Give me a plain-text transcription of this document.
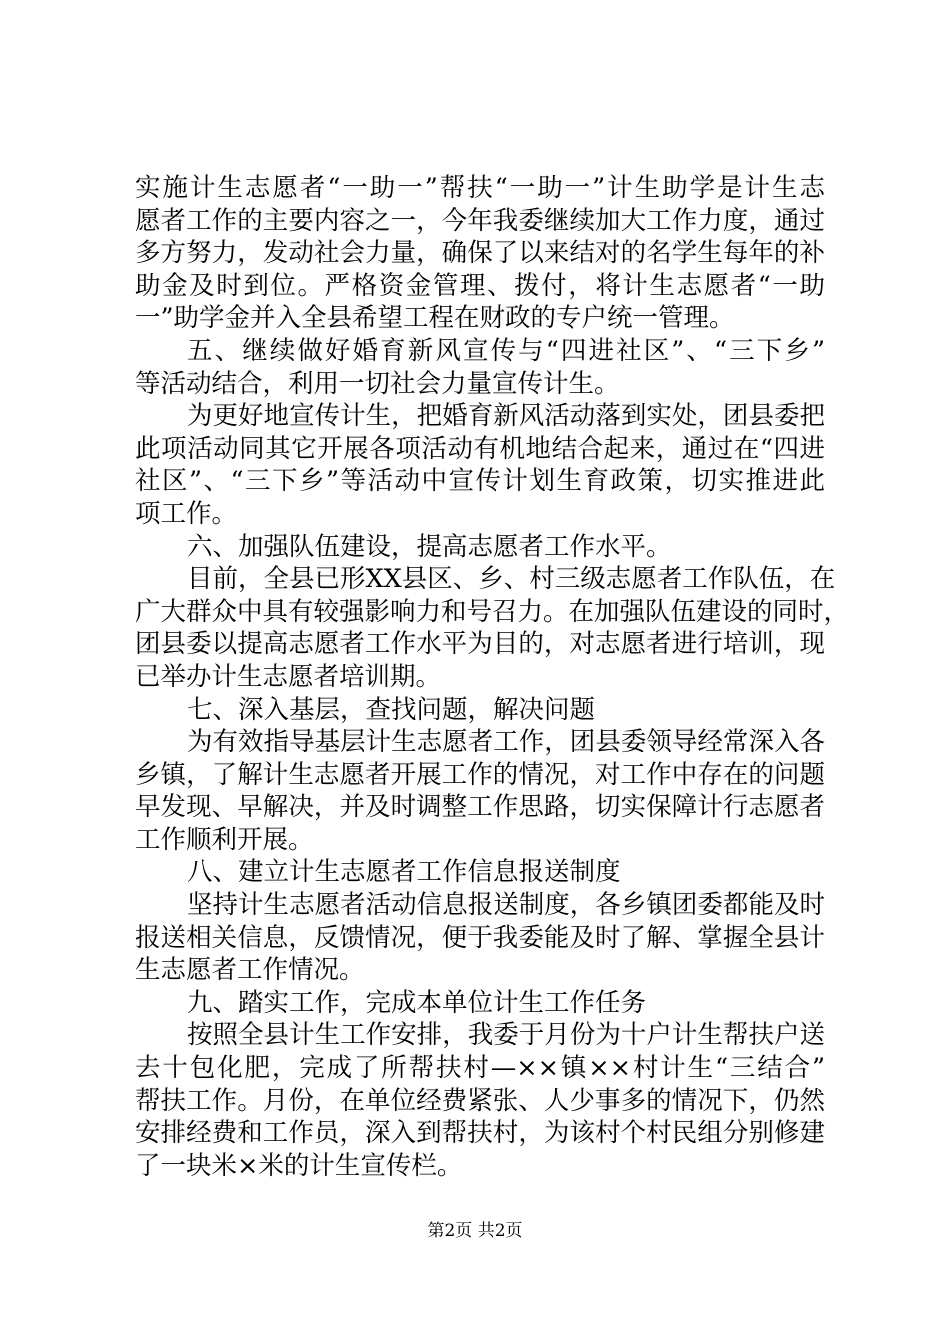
实施计生志愿者“一助一”帮扶“一助一”计生助学是计生志
愿者工作的主要内容之一，今年我委继续加大工作力度，通过
多方努力，发动社会力量，确保了以来结对的名学生每年的补
助金及时到位。严格资金管理、拨付，将计生志愿者“一助
一”助学金并入全县希望工程在财政的专户统一管理。
五、继续做好婚育新风宣传与“四进社区”、“三下乡”
等活动结合，利用一切社会力量宣传计生。
为更好地宣传计生，把婚育新风活动落到实处，团县委把
此项活动同其它开展各项活动有机地结合起来，通过在“四进
社区”、“三下乡”等活动中宣传计划生育政策，切实推进此
项工作。
六、加强队伍建设，提高志愿者工作水平。
目前，全县已形XX县区、乡、村三级志愿者工作队伍，在
广大群众中具有较强影响力和号召力。在加强队伍建设的同时，
团县委以提高志愿者工作水平为目的，对志愿者进行培训，现
已举办计生志愿者培训期。
七、深入基层，查找问题，解决问题
为有效指导基层计生志愿者工作，团县委领导经常深入各
乡镇，了解计生志愿者开展工作的情况，对工作中存在的问题
早发现、早解决，并及时调整工作思路，切实保障计行志愿者
工作顺利开展。
八、建立计生志愿者工作信息报送制度
坚持计生志愿者活动信息报送制度，各乡镇团委都能及时
报送相关信息，反馈情况，便于我委能及时了解、掌握全县计
生志愿者工作情况。
九、踏实工作，完成本单位计生工作任务
按照全县计生工作安排，我委于月份为十户计生帮扶户送
去十包化肥，完成了所帮扶村—××镇××村计生“三结合”
帮扶工作。月份，在单位经费紧张、人少事多的情况下，仍然
安排经费和工作员，深入到帮扶村，为该村个村民组分别修建
了一块米×米的计生宣传栏。
第2页 共2页
